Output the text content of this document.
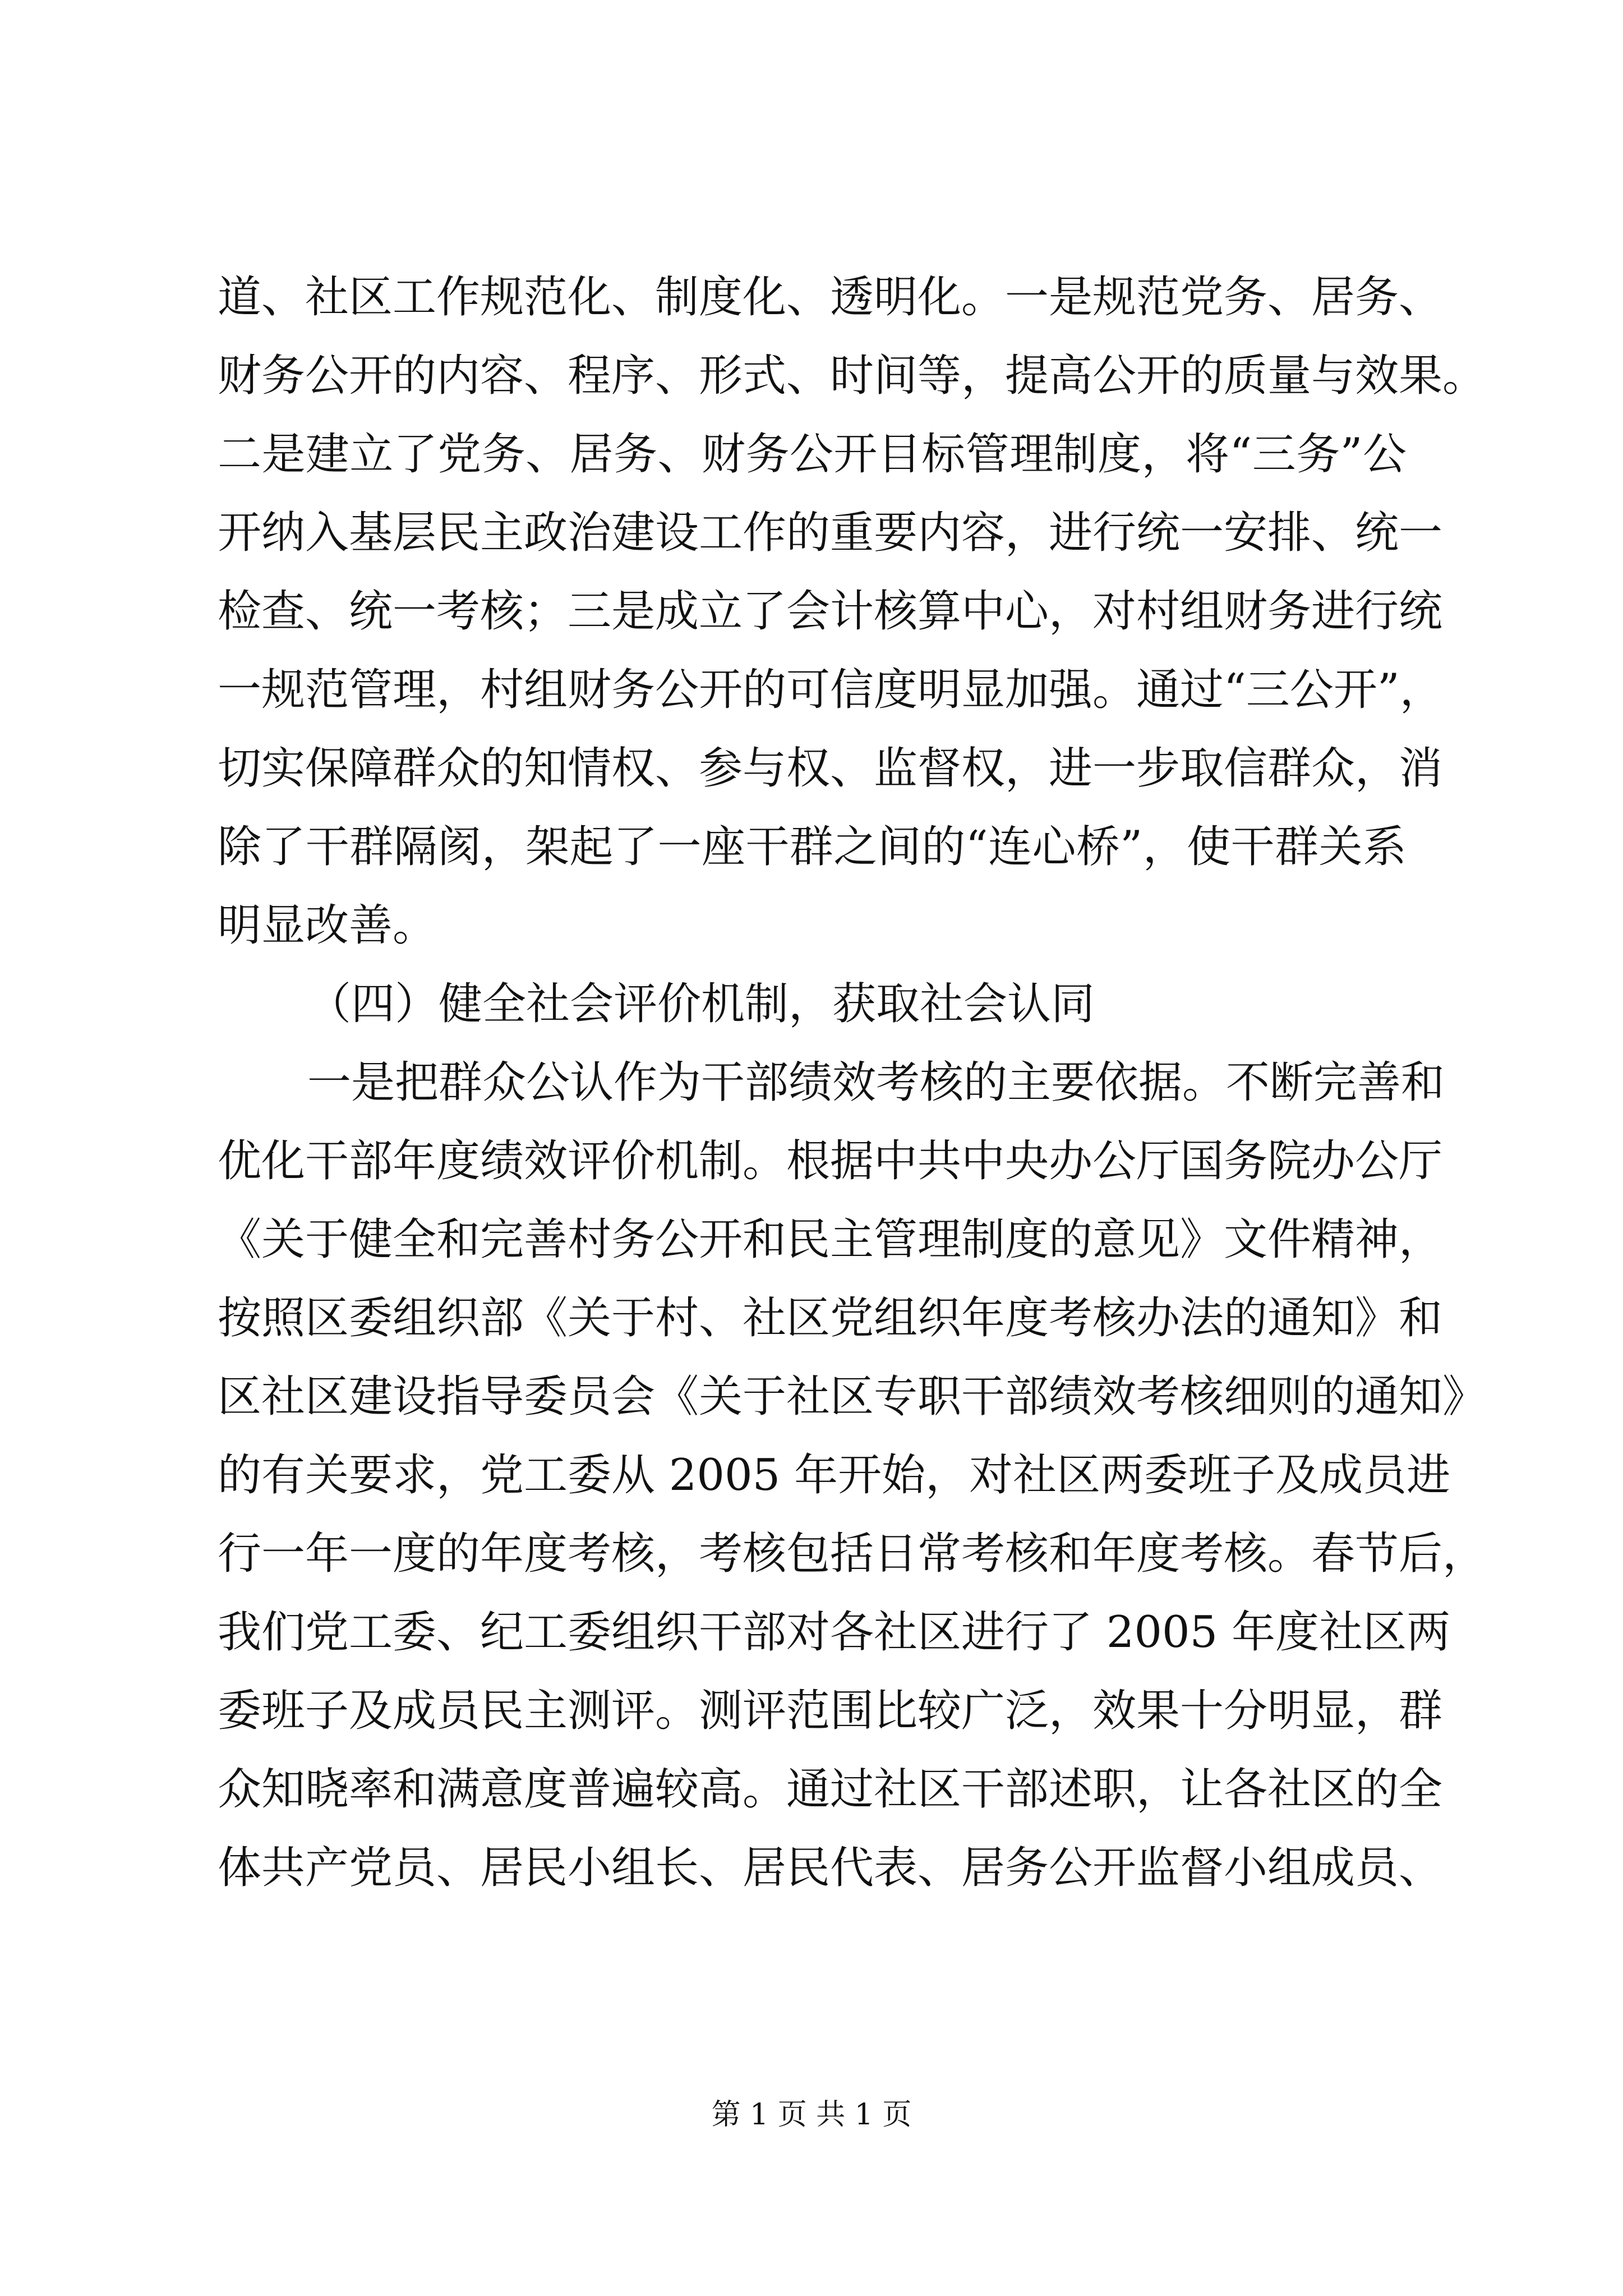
道、社区工作规范化、制度化、透明化。一是规范党务、居务、
财务公开的内容、程序、形式、时间等，提高公开的质量与效果。
二是建立了党务、居务、财务公开目标管理制度，将“三务”公
开纳入基层民主政治建设工作的重要内容，进行统一安排、统一
检查、统一考核；三是成立了会计核算中心，对村组财务进行统
一规范管理，村组财务公开的可信度明显加强。通过“三公开”，
切实保障群众的知情权、参与权、监督权，进一步取信群众，消
除了干群隔阂，架起了一座干群之间的“连心桥”，使干群关系
明显改善。
（四）健全社会评价机制，获取社会认同
一是把群众公认作为干部绩效考核的主要依据。不断完善和
优化干部年度绩效评价机制。根据中共中央办公厅国务院办公厅
《关于健全和完善村务公开和民主管理制度的意见》文件精神，
按照区委组织部《关于村、社区党组织年度考核办法的通知》和
区社区建设指导委员会《关于社区专职干部绩效考核细则的通知》
的有关要求，党工委从 2005 年开始，对社区两委班子及成员进
行一年一度的年度考核，考核包括日常考核和年度考核。春节后，
我们党工委、纪工委组织干部对各社区进行了 2005 年度社区两
委班子及成员民主测评。测评范围比较广泛，效果十分明显，群
众知晓率和满意度普遍较高。通过社区干部述职，让各社区的全
体共产党员、居民小组长、居民代表、居务公开监督小组成员、
第 1 页 共 1 页
